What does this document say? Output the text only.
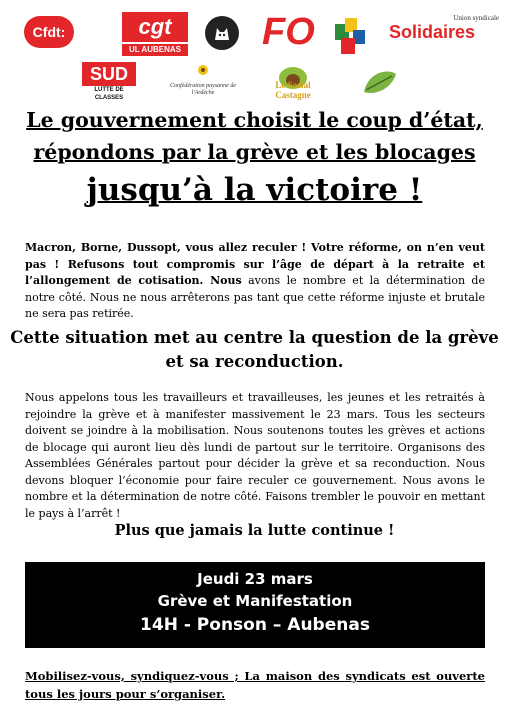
Cfdt:	cgt
UL AUBENAS FO	Union syndicale
Solidaires
SUD
LUTTE DE CLASSES
Confédération paysanne de l'Ardèche
Le Social Castagne
Le gouvernement choisit le coup d’état,
répondons par la grève et les blocages
jusqu’à la victoire !
Macron, Borne, Dussopt, vous allez reculer ! Votre réforme, on n’en veut pas ! Refusons tout compromis sur l’âge de départ à la retraite et l’allongement de cotisation. Nous avons le nombre et la détermination de notre côté. Nous ne nous arrêterons pas tant que cette réforme injuste et brutale ne sera pas retirée.
Cette situation met au centre la question de la grève
et sa reconduction.
Nous appelons tous les travailleurs et travailleuses, les jeunes et les retraités à rejoindre la grève et à manifester massivement le 23 mars. Tous les secteurs doivent se joindre à la mobilisation. Nous soutenons toutes les grèves et actions de blocage qui auront lieu dès lundi de partout sur le territoire. Organisons des Assemblées Générales partout pour décider la grève et sa reconduction. Nous devons bloquer l’économie pour faire reculer ce gouvernement. Nous avons le nombre et la détermination de notre côté. Faisons trembler le pouvoir en mettant le pays à l’arrêt !
Plus que jamais la lutte continue !
Jeudi 23 mars
Grève et Manifestation
14H - Ponson – Aubenas
Mobilisez-vous, syndiquez-vous ; La maison des syndicats est ouverte tous les jours pour s’organiser.
